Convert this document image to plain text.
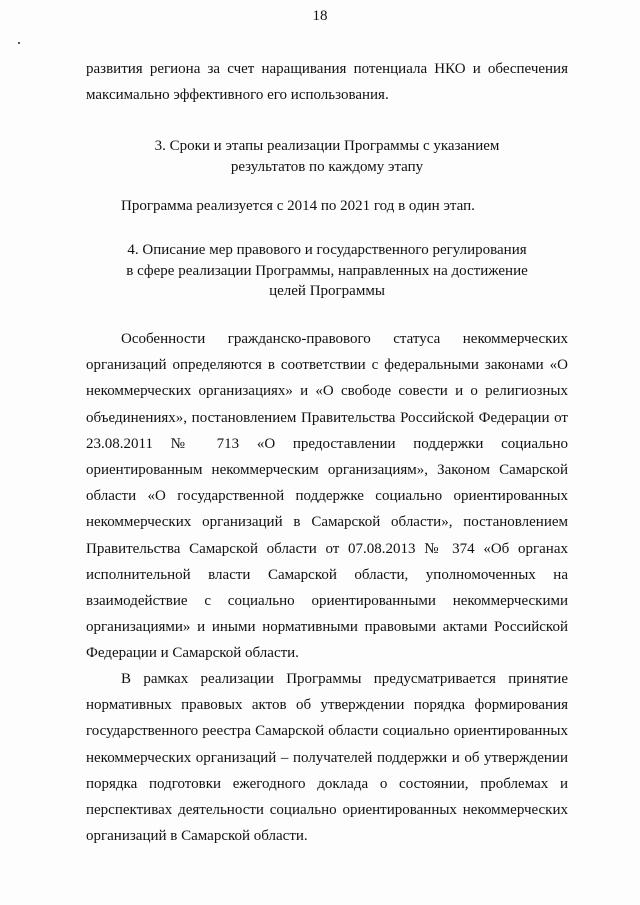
18

развития региона за счет наращивания потенциала НКО и обеспечения максимально эффективного его использования.

3. Сроки и этапы реализации Программы с указанием
результатов по каждому этапу

Программа реализуется с 2014 по 2021 год в один этап.

4. Описание мер правового и государственного регулирования
в сфере реализации Программы, направленных на достижение
целей Программы

Особенности гражданско-правового статуса некоммерческих организаций определяются в соответствии с федеральными законами «О некоммерческих организациях» и «О свободе совести и о религиозных объединениях», постановлением Правительства Российской Федерации от 23.08.2011 № 713 «О предоставлении поддержки социально ориентированным некоммерческим организациям», Законом Самарской области «О государственной поддержке социально ориентированных некоммерческих организаций в Самарской области», постановлением Правительства Самарской области от 07.08.2013 № 374 «Об органах исполнительной власти Самарской области, уполномоченных на взаимодействие с социально ориентированными некоммерческими организациями» и иными нормативными правовыми актами Российской Федерации и Самарской области.

В рамках реализации Программы предусматривается принятие нормативных правовых актов об утверждении порядка формирования государственного реестра Самарской области социально ориентированных некоммерческих организаций – получателей поддержки и об утверждении порядка подготовки ежегодного доклада о состоянии, проблемах и перспективах деятельности социально ориентированных некоммерческих организаций в Самарской области.
